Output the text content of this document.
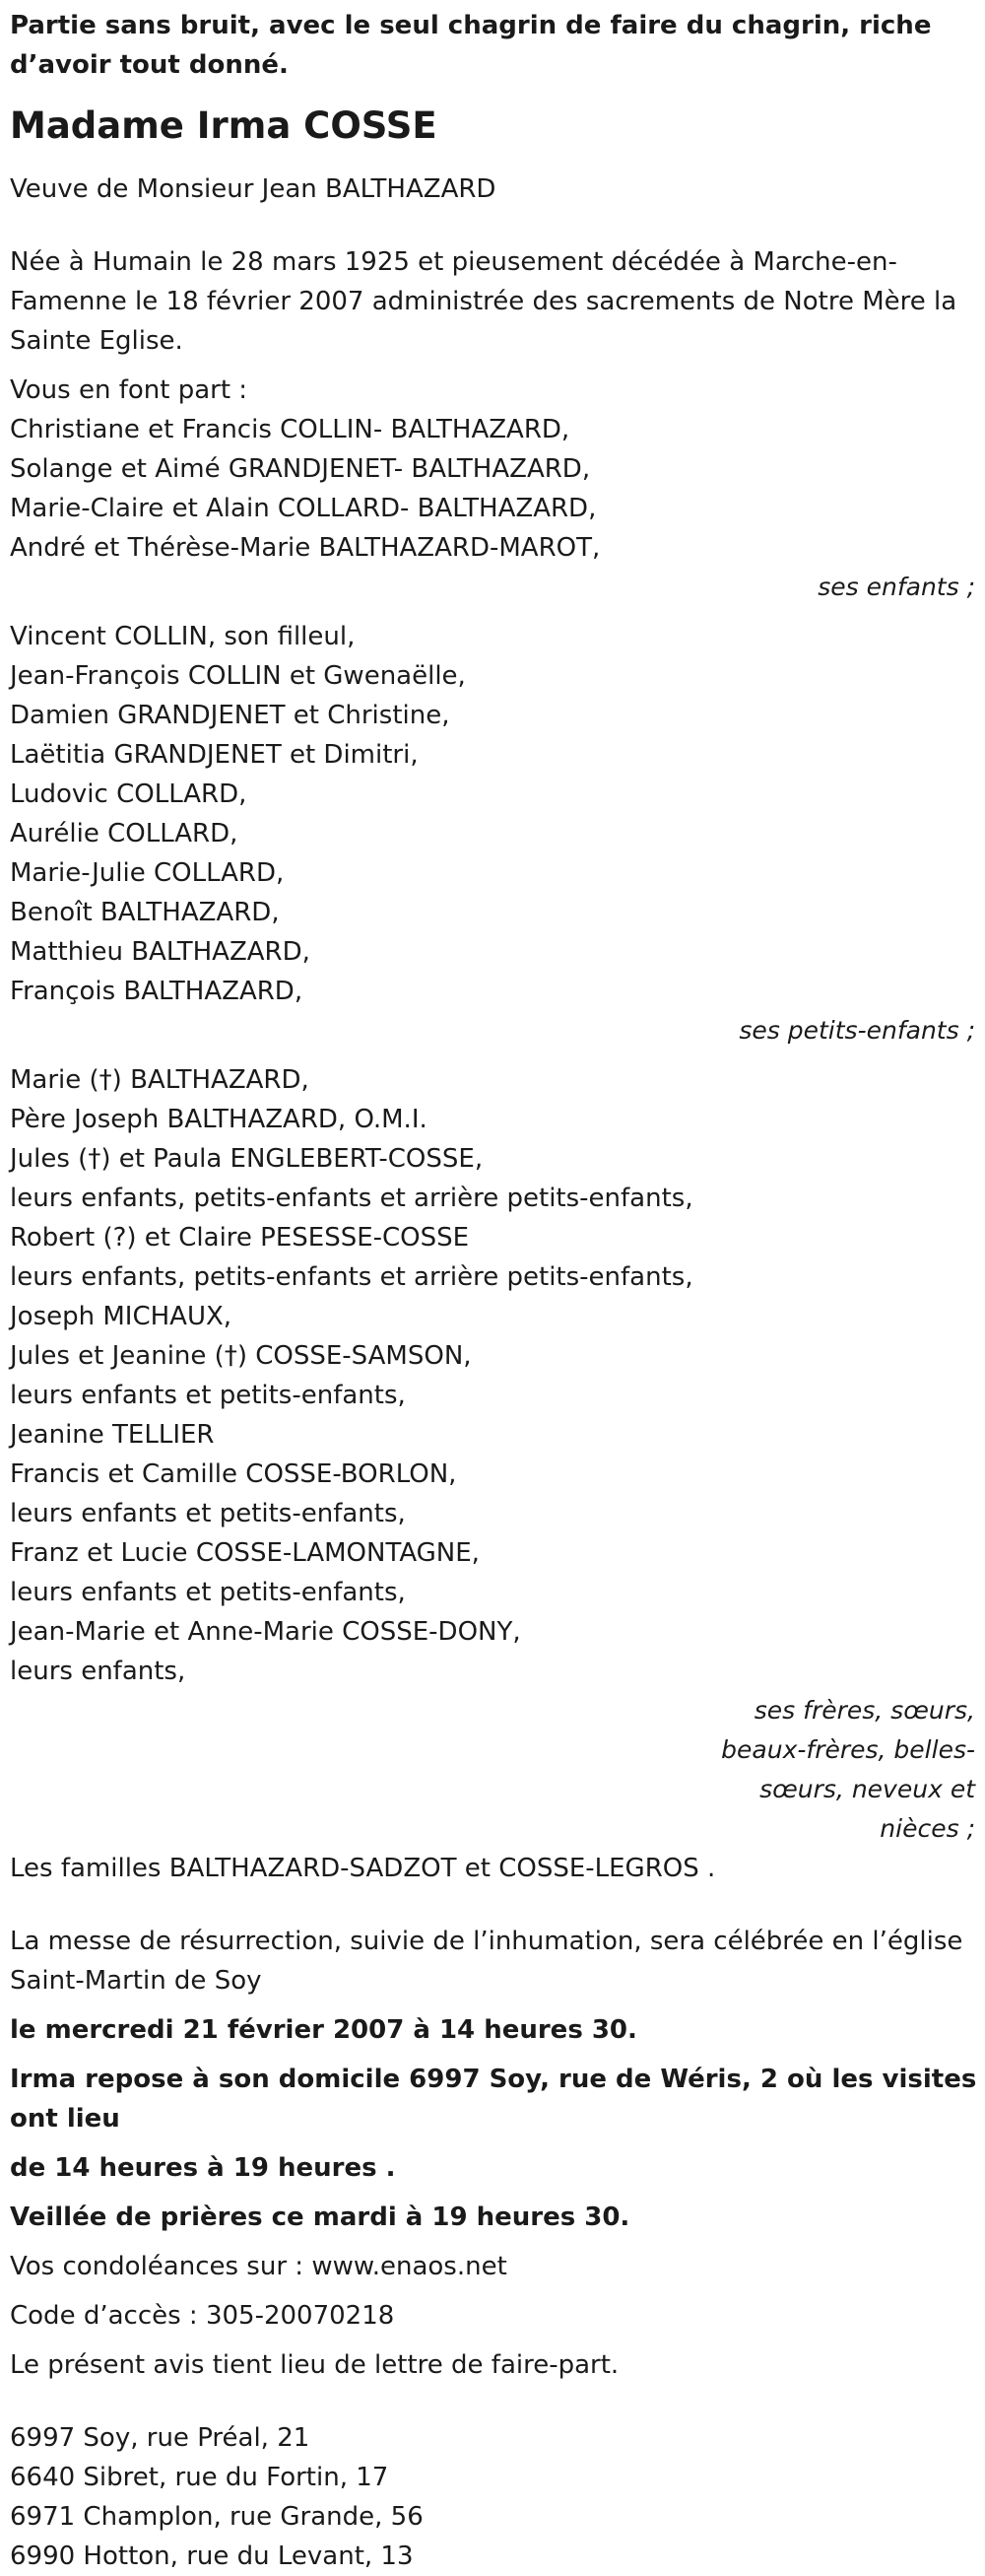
Partie sans bruit, avec le seul chagrin de faire du chagrin, riche d’avoir tout donné.

Madame Irma COSSE

Veuve de Monsieur Jean BALTHAZARD

Née à Humain le 28 mars 1925 et pieusement décédée à Marche-en-Famenne le 18 février 2007 administrée des sacrements de Notre Mère la Sainte Eglise.

Vous en font part :

Christiane et Francis COLLIN- BALTHAZARD,

Solange et Aimé GRANDJENET- BALTHAZARD,

Marie-Claire et Alain COLLARD- BALTHAZARD,

André et Thérèse-Marie BALTHAZARD-MAROT,

ses enfants ;

Vincent COLLIN, son filleul,

Jean-François COLLIN et Gwenaëlle,

Damien GRANDJENET et Christine,

Laëtitia GRANDJENET et Dimitri,

Ludovic COLLARD,

Aurélie COLLARD,

Marie-Julie COLLARD,

Benoît BALTHAZARD,

Matthieu BALTHAZARD,

François BALTHAZARD,

ses petits-enfants ;

Marie (†) BALTHAZARD,

Père Joseph BALTHAZARD, O.M.I.

Jules (†) et Paula ENGLEBERT-COSSE,

leurs enfants, petits-enfants et arrière petits-enfants,

Robert (?) et Claire PESESSE-COSSE

leurs enfants, petits-enfants et arrière petits-enfants,

Joseph MICHAUX,

Jules et Jeanine (†) COSSE-SAMSON,

leurs enfants et petits-enfants,

Jeanine TELLIER

Francis et Camille COSSE-BORLON,

leurs enfants et petits-enfants,

Franz et Lucie COSSE-LAMONTAGNE,

leurs enfants et petits-enfants,

Jean-Marie et Anne-Marie COSSE-DONY,

leurs enfants,

ses frères, sœurs,

beaux-frères, belles-

sœurs, neveux et

nièces ;

Les familles BALTHAZARD-SADZOT et COSSE-LEGROS .

La messe de résurrection, suivie de l’inhumation, sera célébrée en l’église Saint-Martin de Soy

le mercredi 21 février 2007 à 14 heures 30.

Irma repose à son domicile 6997 Soy, rue de Wéris, 2 où les visites ont lieu

de 14 heures à 19 heures .

Veillée de prières ce mardi à 19 heures 30.

Vos condoléances sur : www.enaos.net

Code d’accès : 305-20070218

Le présent avis tient lieu de lettre de faire-part.

6997 Soy, rue Préal, 21

6640 Sibret, rue du Fortin, 17

6971 Champlon, rue Grande, 56

6990 Hotton, rue du Levant, 13
